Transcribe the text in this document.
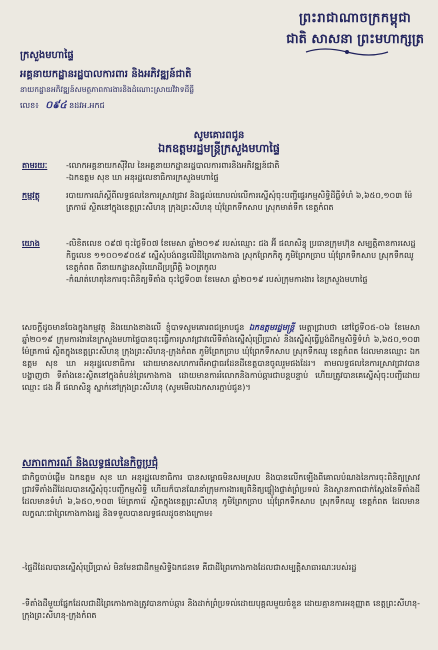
ព្រះរាជាណាចក្រកម្ពុជា
ជាតិ សាសនា ព្រះមហាក្សត្រ
ក្រសួងមហាផ្ទៃ
អគ្គនាយកដ្ឋានរដ្ឋបាលការពារ និងអភិវឌ្ឍន៍ជាតិ
នាយកដ្ឋានអភិវឌ្ឍន៍សមត្ថភាពការងារនិងដំណោះស្រាយវិវាទដីធ្លី
លេខ៖ ០៩៤ នដវអ.អកជ
សូមគោរពជូន
ឯកឧត្តមរដ្ឋមន្ត្រីក្រសួងមហាផ្ទៃ
តាមរយៈ -លោកអគ្គនាយកស៊ីវិល នៃអគ្គនាយកដ្ឋានរដ្ឋបាលការពារនិងអភិវឌ្ឍន៍ជាតិ
-ឯកឧត្តម សុខ ឃា អនុរដ្ឋលេខាធិការក្រសួងមហាផ្ទៃ
កម្មវត្ថុ	របាយការណ៍ស្តីពីលទ្ធផលនៃការស្រាវជ្រាវ និងផ្តល់យោបល់លើការស្នើសុំចុះបញ្ជីផ្ទេរកម្មសិទ្ធិដីធ្លីទំហំ ៦,៦៥០,១០៣ ម៉ែត្រការ៉េ ស្ថិតនៅក្នុងខេត្តព្រះសីហនុ ក្រុងព្រះសីហនុ ឃុំព្រែកទឹកសាប ស្រុកមាត់ទឹក ខេត្តកំពត
យោង	-លិខិតលេខ ០៩៧ ចុះថ្ងៃទី០៧ ខែមេសា ឆ្នាំ២០១៩ របស់ឈ្មោះ ជង អ៊ី ផលាសិន្ធុ ប្រធានក្រុមហ៊ុន សម្បត្តិតានការសេដ្ឋកិច្ចលេខ ១១០០១៩០៥៩ ស្នើសុំបង់ពន្ធលើដីព្រៃកោងកាង ស្រុកព្រែកកិតូ ភូមិព្រែកច្រាប ឃុំព្រែកទឹកសាប ស្រុកទឹកឈូ ខេត្តកំពត ពីនាយកដ្ឋានសុរិយោដីប្រព្រឹត្តិ ៦០ត្រកូល
-កំណត់ហេតុនៃការចុះពិនិត្យទីតាំង ចុះថ្ងៃទី០៣ ខែមេសា ឆ្នាំ២០១៩ របស់ក្រុមការងារ នៃក្រសួងមហាផ្ទៃ
សេចក្តីដូចមានចែងក្នុងកម្មវត្ថុ និងយោងខាងលើ ខ្ញុំបាទសូមគោរពជម្រាបជូន ឯកឧត្តមរដ្ឋមន្ត្រី មេត្តាជ្រាបថា នៅថ្ងៃទី០៥-០៦ ខែមេសា ឆ្នាំ២០១៩ ក្រុមការងារនៃក្រសួងមហាផ្ទៃបានចុះធ្វើការស្រាវជ្រាវលើទីតាំងស្នើសុំប្រើប្រាស់ និងស្នើសុំធ្វើប្លង់ដីកម្មសិទ្ធិទំហំ ៦,៦៥០,១០៣ ម៉ែត្រការ៉េ ស្ថិតក្នុងខេត្តព្រះសីហនុ ក្រុងព្រះសីហនុ-ក្រុងកំពត ភូមិព្រែកច្រាប ឃុំព្រែកទឹកសាប ស្រុកទឹកឈូ ខេត្តកំពត ដែលមានឈ្មោះ ឯកឧត្តម សុខ ឃា អនុរដ្ឋលេខាធិការ ដោយមានសហការពីអាជ្ញាធរដែនដីខេត្តបានចូលរួមផងដែរ។ តាមលទ្ធផលនៃការស្រាវជ្រាវបានបង្ហាញថា ទីតាំងនេះស្ថិតនៅក្នុងតំបន់ព្រៃកោងកាង ដោយមានការរំលោភនិងកាប់ឆ្ការជាបន្តបន្ទាប់ ហើយត្រូវបានគេស្នើសុំចុះបញ្ជីដោយឈ្មោះ ជង អ៊ី ផលាសិន្ធុ ស្នាក់នៅក្រុងព្រះសីហនុ (សូមមើលឯកសារភ្ជាប់ជូន)។
សភាពការណ៍ និងលទ្ធផលនៃកិច្ចប្រជុំ
ជាកិច្ចចាប់ផ្តើម ឯកឧត្តម សុខ ឃា អនុរដ្ឋលេខាធិការ បានសម្ពោធមិនសមស្រប និងបានលើកឡើងពីគោលបំណងនៃការចុះពិនិត្យស្រាវជ្រាវទីតាំងដីដែលបានស្នើសុំចុះបញ្ជីកម្មសិទ្ធិ ហើយក៏បានណែនាំក្រុមការងារឲ្យពិនិត្យផ្ទៀងផ្ទាត់ព្រំប្រទល់ និងស្ថានភាពជាក់ស្តែងនៃទីតាំងដីដែលមានទំហំ ៦,៦៥០,១០៣ ម៉ែត្រការ៉េ ស្ថិតក្នុងខេត្តព្រះសីហនុ ភូមិព្រែកច្រាប ឃុំព្រែកទឹកសាប ស្រុកទឹកឈូ ខេត្តកំពត ដែលមានលក្ខណៈជាព្រៃកោងកាងរដ្ឋ និងទទួលបានលទ្ធផលដូចខាងក្រោម៖
-ផ្ទៃដីដែលបានស្នើសុំប្រើប្រាស់ មិនមែនជាដីកម្មសិទ្ធិឯកជនទេ គឺជាដីព្រៃកោងកាងដែលជាសម្បត្តិសាធារណៈរបស់រដ្ឋ
-ទីតាំងដីមួយផ្នែកដែលជាដីព្រៃកោងកាងត្រូវបានកាប់ឆ្ការ និងដាក់ព្រំប្រទល់ដោយបុគ្គលមួយចំនួន ដោយគ្មានការអនុញ្ញាត ខេត្តព្រះសីហនុ-ក្រុងព្រះសីហនុ-ក្រុងកំពត
